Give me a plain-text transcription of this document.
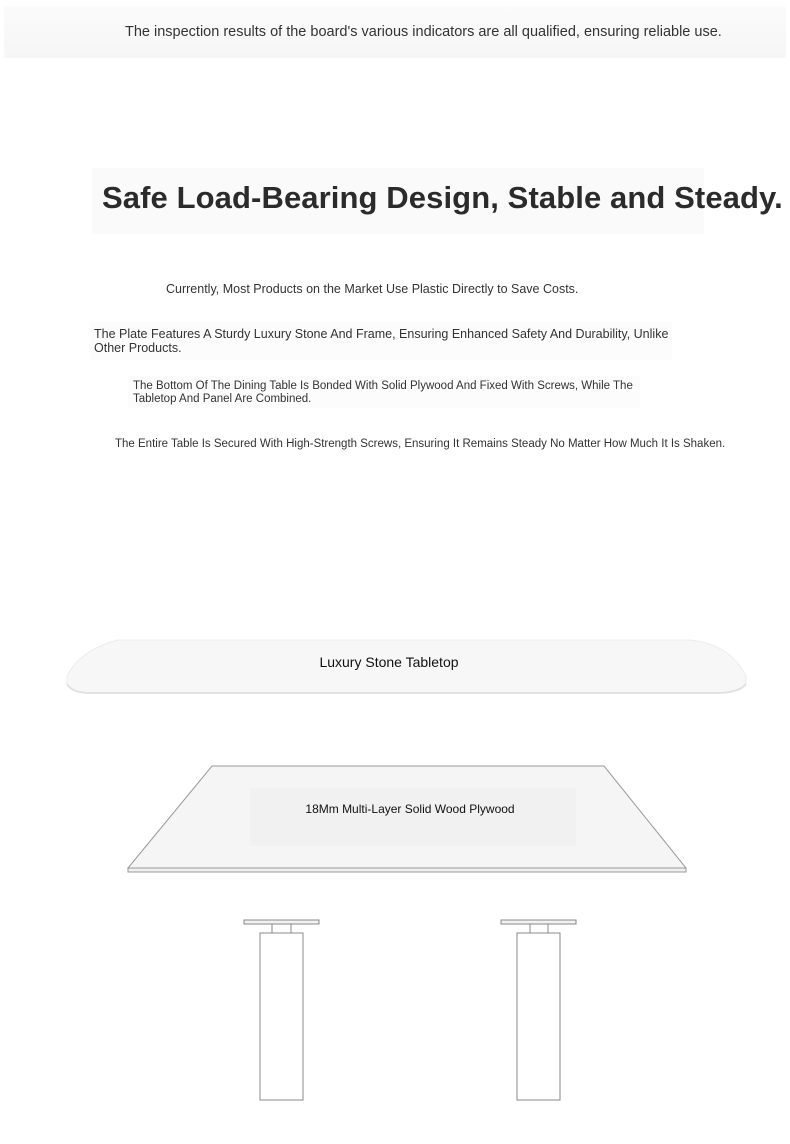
The inspection results of the board's various indicators are all qualified, ensuring reliable use.
Safe Load-Bearing Design, Stable and Steady.
Currently, Most Products on the Market Use Plastic Directly to Save Costs.
The Plate Features A Sturdy Luxury Stone And Frame, Ensuring Enhanced Safety And Durability, Unlike Other Products.
The Bottom Of The Dining Table Is Bonded With Solid Plywood And Fixed With Screws, While The Tabletop And Panel Are Combined.
The Entire Table Is Secured With High-Strength Screws, Ensuring It Remains Steady No Matter How Much It Is Shaken.
Luxury Stone Tabletop
18Mm Multi-Layer Solid Wood Plywood
